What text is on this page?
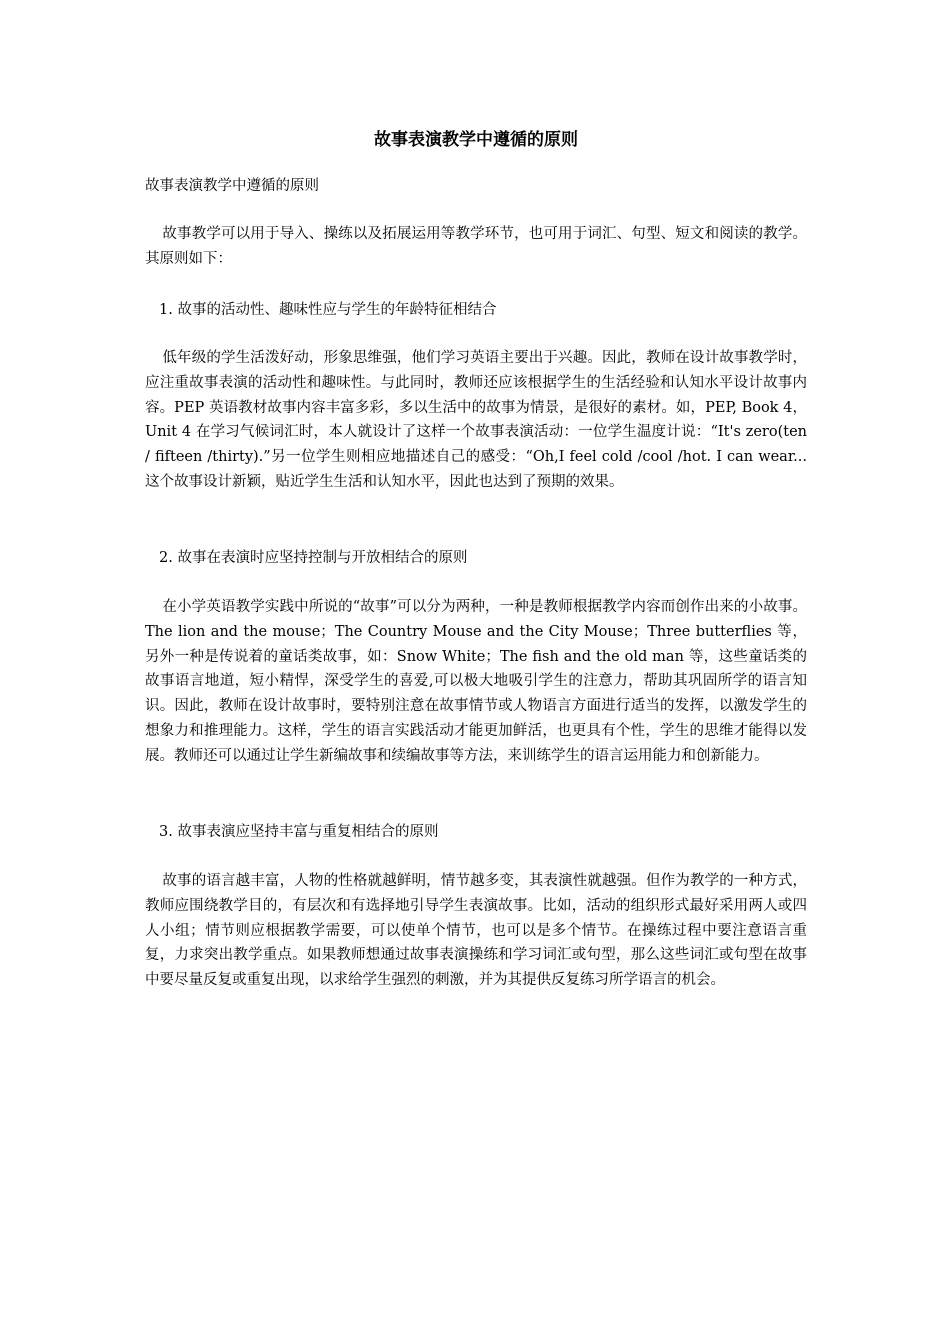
故事表演教学中遵循的原则

故事表演教学中遵循的原则

故事教学可以用于导入、操练以及拓展运用等教学环节，也可用于词汇、句型、短文和阅读的教学。其原则如下：

1. 故事的活动性、趣味性应与学生的年龄特征相结合

低年级的学生活泼好动，形象思维强，他们学习英语主要出于兴趣。因此，教师在设计故事教学时，应注重故事表演的活动性和趣味性。与此同时，教师还应该根据学生的生活经验和认知水平设计故事内容。PEP 英语教材故事内容丰富多彩，多以生活中的故事为情景，是很好的素材。如，PEP, Book 4，Unit 4 在学习气候词汇时，本人就设计了这样一个故事表演活动：一位学生温度计说：“It's zero(ten / fifteen /thirty).”另一位学生则相应地描述自己的感受：“Oh,I feel cold /cool /hot. I can wear... 这个故事设计新颖，贴近学生生活和认知水平，因此也达到了预期的效果。

2. 故事在表演时应坚持控制与开放相结合的原则

在小学英语教学实践中所说的“故事”可以分为两种，一种是教师根据教学内容而创作出来的小故事。The lion and the mouse；The Country Mouse and the City Mouse；Three butterflies 等，另外一种是传说着的童话类故事，如：Snow White；The fish and the old man 等，这些童话类的故事语言地道，短小精悍，深受学生的喜爱,可以极大地吸引学生的注意力，帮助其巩固所学的语言知识。因此，教师在设计故事时，要特别注意在故事情节或人物语言方面进行适当的发挥，以激发学生的想象力和推理能力。这样，学生的语言实践活动才能更加鲜活，也更具有个性，学生的思维才能得以发展。教师还可以通过让学生新编故事和续编故事等方法，来训练学生的语言运用能力和创新能力。

3. 故事表演应坚持丰富与重复相结合的原则

故事的语言越丰富，人物的性格就越鲜明，情节越多变，其表演性就越强。但作为教学的一种方式，教师应围绕教学目的，有层次和有选择地引导学生表演故事。比如，活动的组织形式最好采用两人或四人小组；情节则应根据教学需要，可以使单个情节，也可以是多个情节。在操练过程中要注意语言重复，力求突出教学重点。如果教师想通过故事表演操练和学习词汇或句型，那么这些词汇或句型在故事中要尽量反复或重复出现，以求给学生强烈的刺激，并为其提供反复练习所学语言的机会。
